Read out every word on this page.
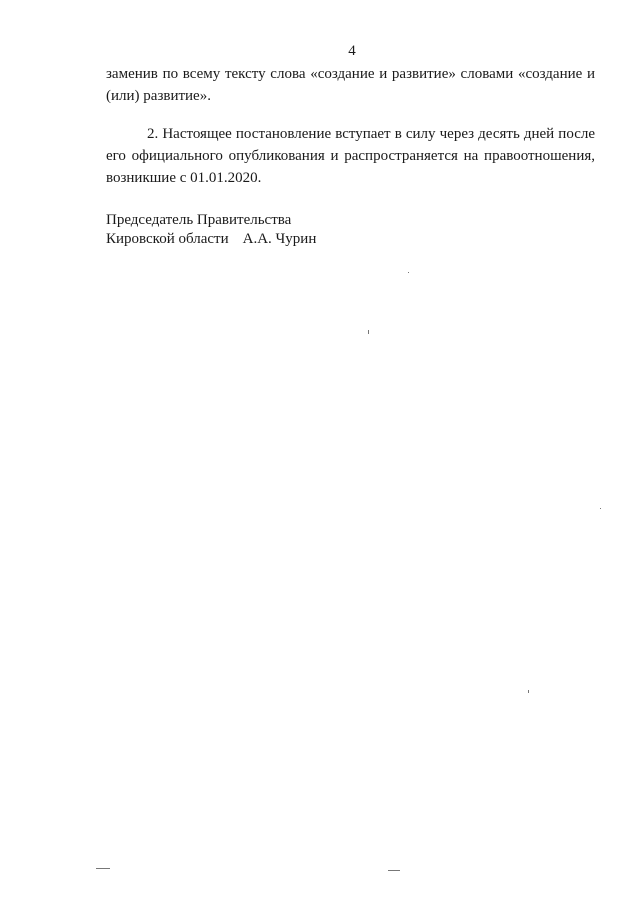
4

заменив по всему тексту слова «создание и развитие» словами «создание и (или) развитие».

2. Настоящее постановление вступает в силу через десять дней после его официального опубликования и распространяется на правоотношения, возникшие с 01.01.2020.

Председатель Правительства
Кировской области А.А. Чурин
